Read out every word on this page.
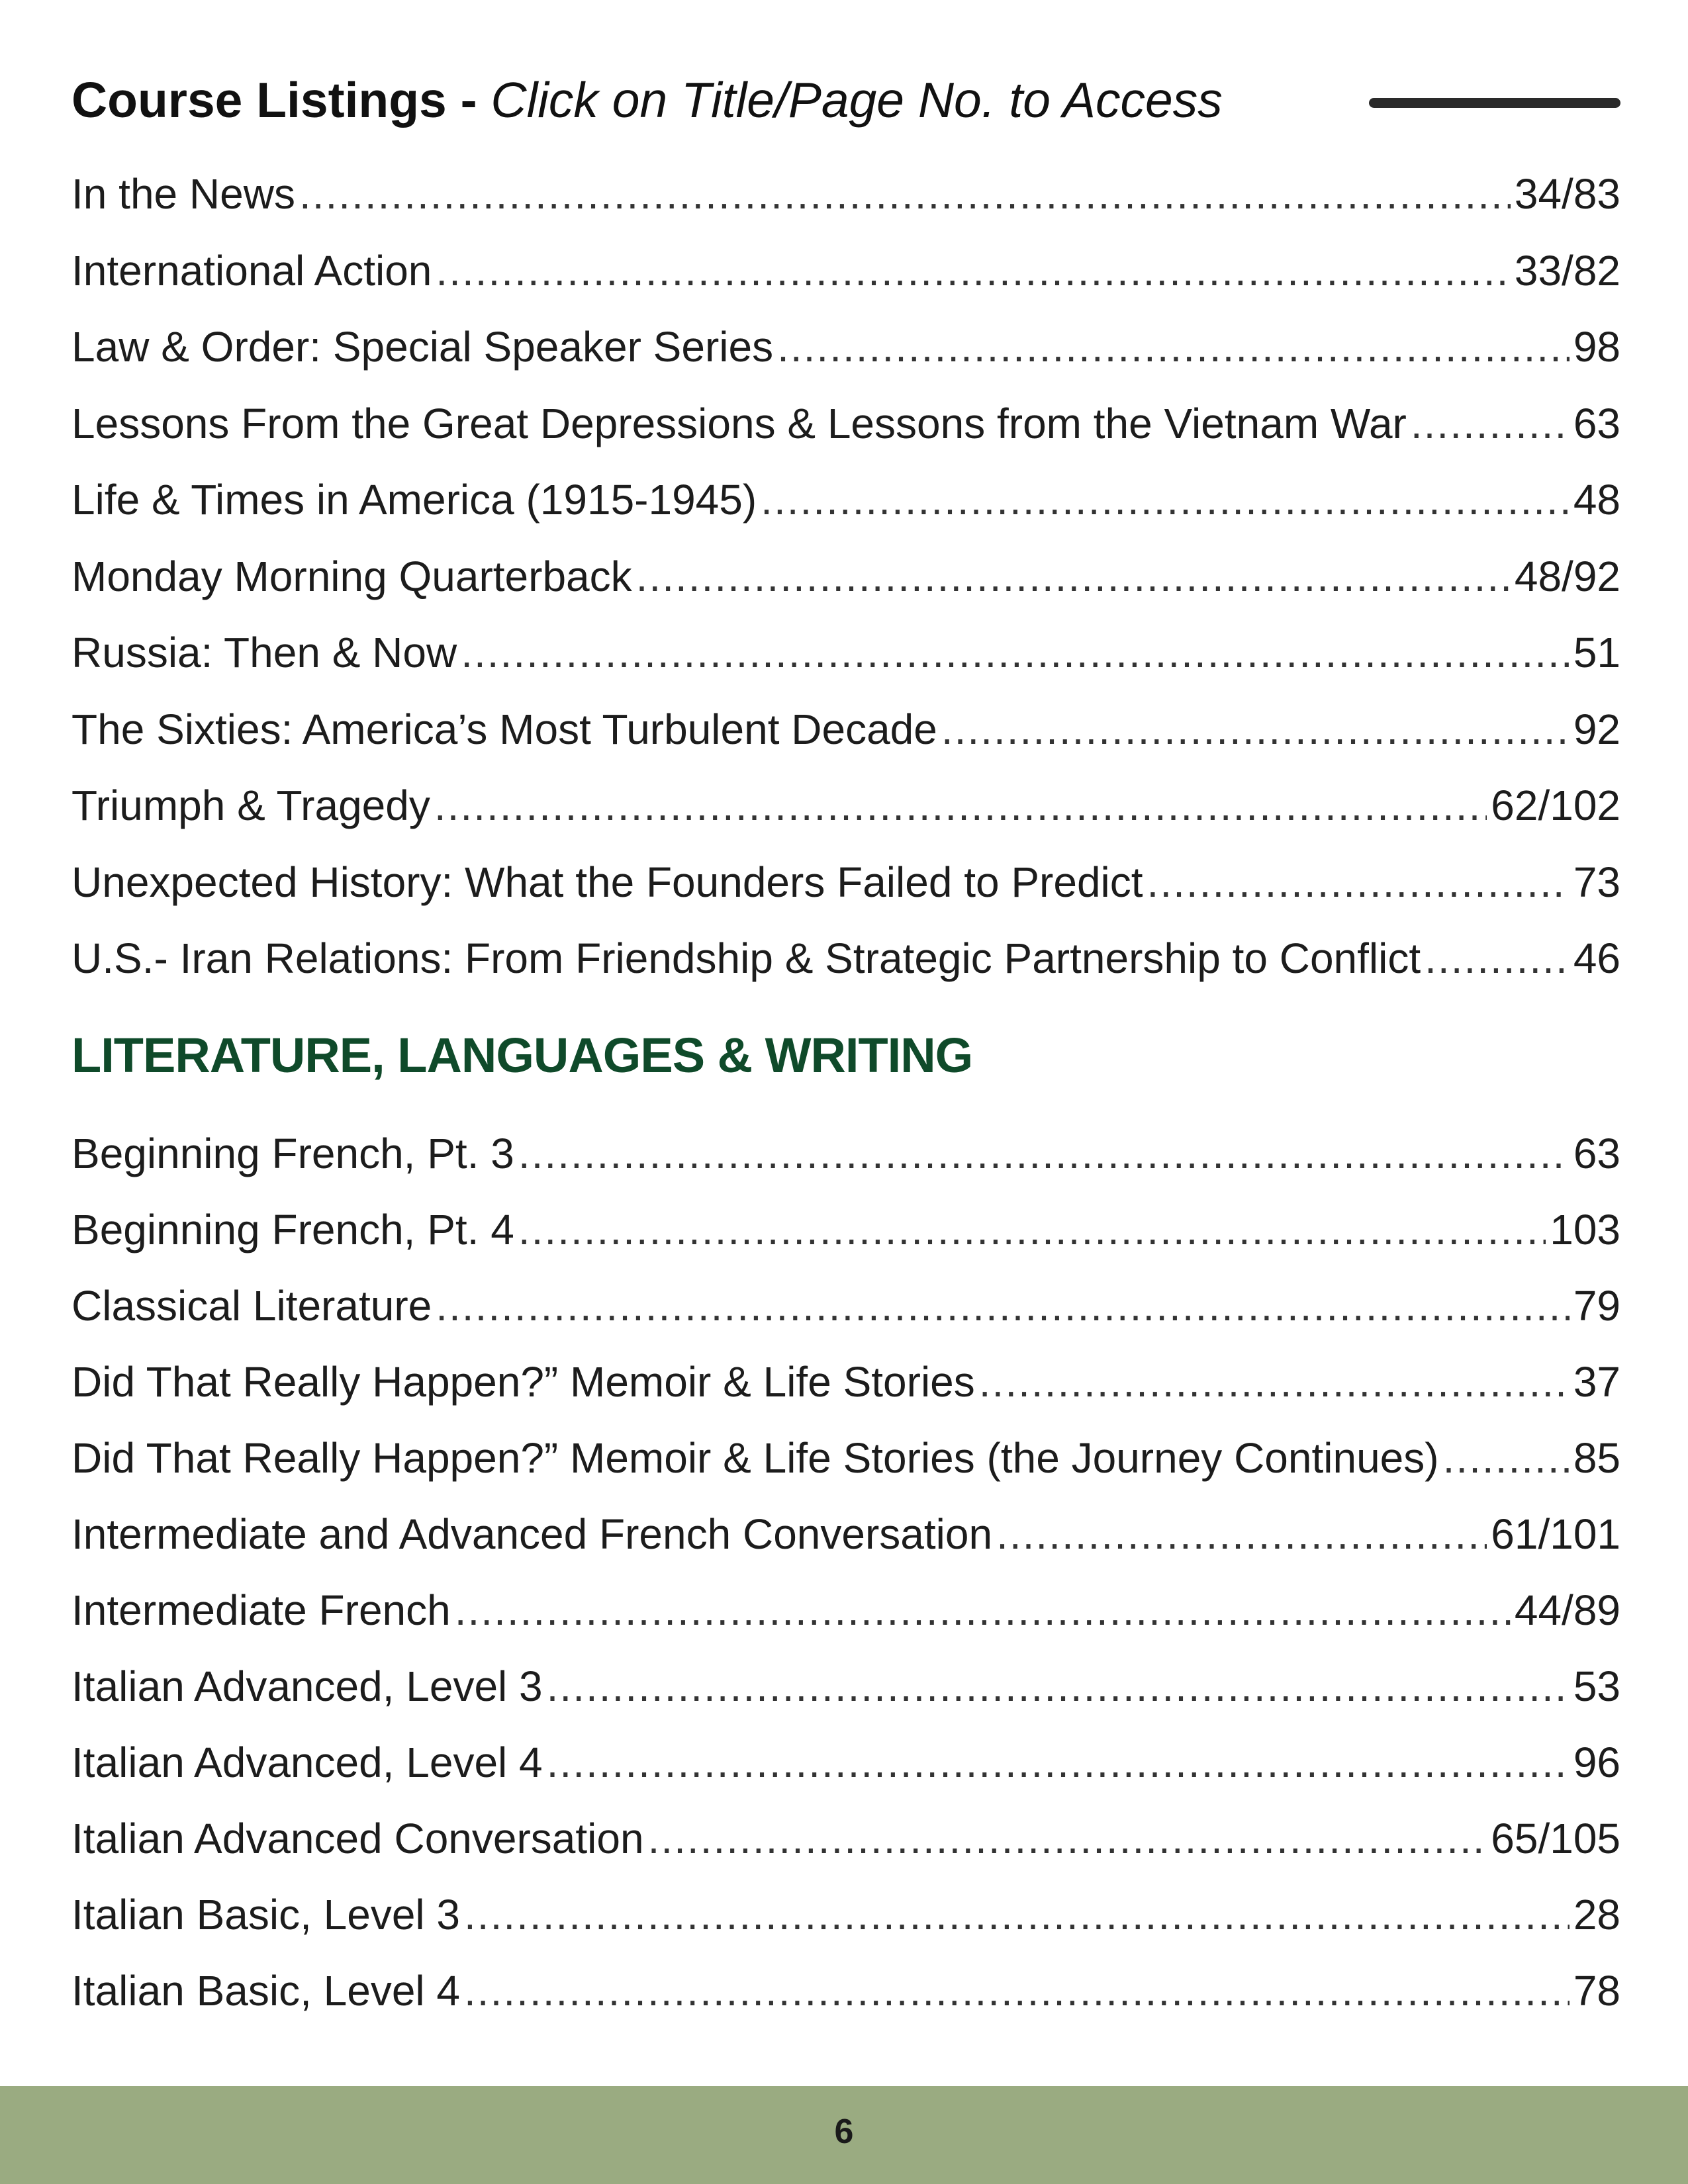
Course Listings - Click on Title/Page No. to Access
In the News .....	34/83
International Action .....	33/82
Law & Order: Special Speaker Series .....	98
Lessons From the Great Depressions & Lessons from the Vietnam War .....	63
Life & Times in America (1915-1945) .....	48
Monday Morning Quarterback .....	48/92
Russia: Then & Now .....	51
The Sixties: America’s Most Turbulent Decade .....	92
Triumph & Tragedy .....	62/102
Unexpected History: What the Founders Failed to Predict .....	73
U.S.- Iran Relations: From Friendship & Strategic Partnership to Conflict .....	46
LITERATURE, LANGUAGES & WRITING
Beginning French, Pt. 3 .....	63
Beginning French, Pt. 4 .....	103
Classical Literature .....	79
Did That Really Happen?” Memoir & Life Stories .....	37
Did That Really Happen?” Memoir & Life Stories (the Journey Continues) .....	85
Intermediate and Advanced French Conversation .....	61/101
Intermediate French .....	44/89
Italian Advanced, Level 3 .....	53
Italian Advanced, Level 4 .....	96
Italian Advanced Conversation .....	65/105
Italian Basic, Level 3 .....	28
Italian Basic, Level 4 .....	78
6
